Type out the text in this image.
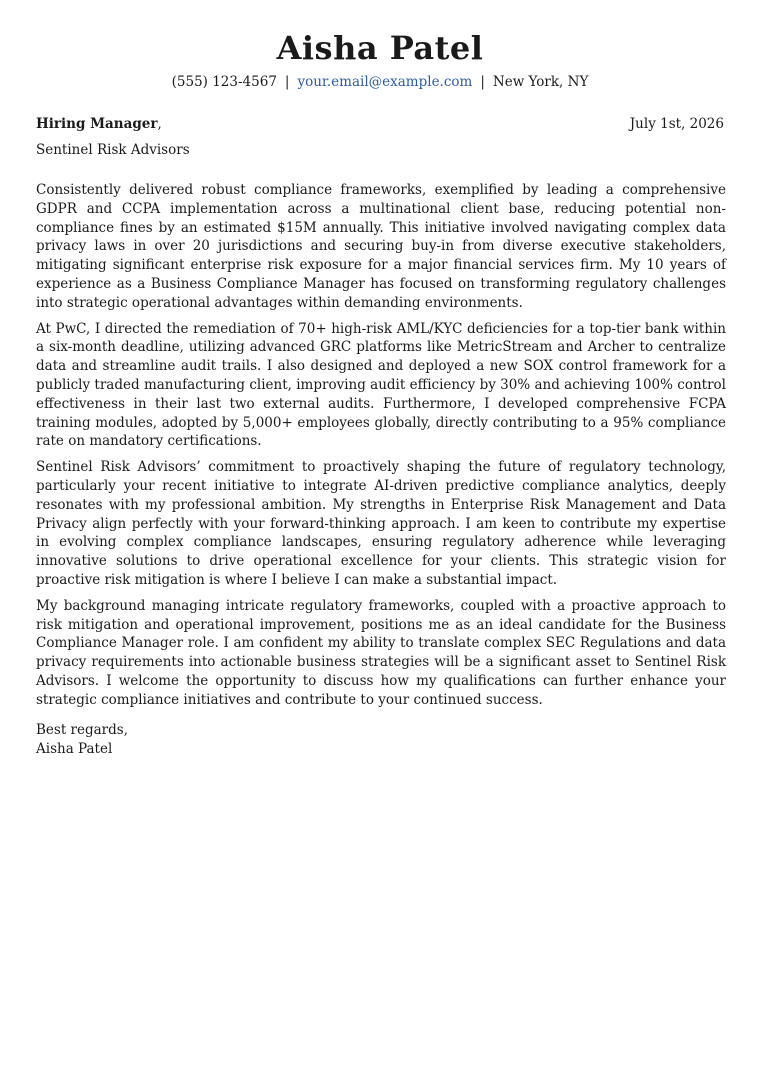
Aisha Patel
(555) 123-4567 | your.email@example.com | New York, NY
Hiring Manager,	July 1st, 2026
Sentinel Risk Advisors

Consistently delivered robust compliance frameworks, exemplified by leading a comprehensive GDPR and CCPA implementation across a multinational client base, reducing potential non-compliance fines by an estimated $15M annually. This initiative involved navigating complex data privacy laws in over 20 jurisdictions and securing buy-in from diverse executive stakeholders, mitigating significant enterprise risk exposure for a major financial services firm. My 10 years of experience as a Business Compliance Manager has focused on transforming regulatory challenges into strategic operational advantages within demanding environments.

At PwC, I directed the remediation of 70+ high-risk AML/KYC deficiencies for a top-tier bank within a six-month deadline, utilizing advanced GRC platforms like MetricStream and Archer to centralize data and streamline audit trails. I also designed and deployed a new SOX control framework for a publicly traded manufacturing client, improving audit efficiency by 30% and achieving 100% control effectiveness in their last two external audits. Furthermore, I developed comprehensive FCPA training modules, adopted by 5,000+ employees globally, directly contributing to a 95% compliance rate on mandatory certifications.

Sentinel Risk Advisors’ commitment to proactively shaping the future of regulatory technology, particularly your recent initiative to integrate AI-driven predictive compliance analytics, deeply resonates with my professional ambition. My strengths in Enterprise Risk Management and Data Privacy align perfectly with your forward-thinking approach. I am keen to contribute my expertise in evolving complex compliance landscapes, ensuring regulatory adherence while leveraging innovative solutions to drive operational excellence for your clients. This strategic vision for proactive risk mitigation is where I believe I can make a substantial impact.

My background managing intricate regulatory frameworks, coupled with a proactive approach to risk mitigation and operational improvement, positions me as an ideal candidate for the Business Compliance Manager role. I am confident my ability to translate complex SEC Regulations and data privacy requirements into actionable business strategies will be a significant asset to Sentinel Risk Advisors. I welcome the opportunity to discuss how my qualifications can further enhance your strategic compliance initiatives and contribute to your continued success.

Best regards,
Aisha Patel
